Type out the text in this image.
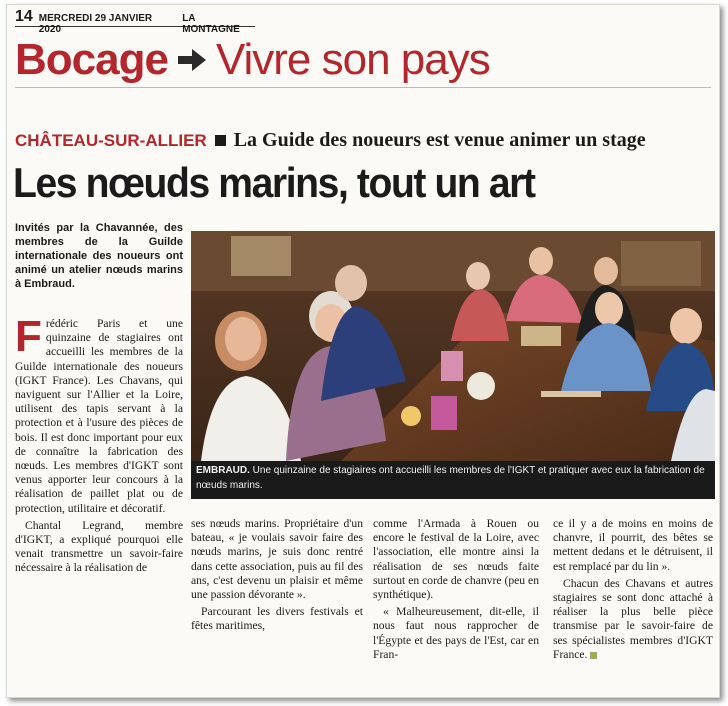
14 MERCREDI 29 JANVIER 2020
LA MONTAGNE
Bocage Vivre son pays
CHÂTEAU-SUR-ALLIER La Guide des noueurs est venue animer un stage
Les nœuds marins, tout un art
Invités par la Chavannée, des membres de la Guilde internationale des noueurs ont animé un atelier nœuds marins à Embraud.
EMBRAUD. Une quinzaine de stagiaires ont accueilli les membres de l'IGKT et pratiquer avec eux la fabrication de nœuds marins.

Frédéric Paris et une quinzaine de stagiaires ont accueilli les membres de la Guilde internationale des noueurs (IGKT France). Les Chavans, qui naviguent sur l'Allier et la Loire, utilisent des tapis servant à la protection et à l'usure des pièces de bois. Il est donc important pour eux de connaître la fabrication des nœuds. Les membres d'IGKT sont venus apporter leur concours à la réalisation de paillet plat ou de protection, utilitaire et décoratif.

Chantal Legrand, membre d'IGKT, a expliqué pourquoi elle venait transmettre un savoir-faire nécessaire à la réalisation de

ses nœuds marins. Propriétaire d'un bateau, « je voulais savoir faire des nœuds marins, je suis donc rentré dans cette association, puis au fil des ans, c'est devenu un plaisir et même une passion dévorante ».

Parcourant les divers festivals et fêtes maritimes,

comme l'Armada à Rouen ou encore le festival de la Loire, avec l'association, elle montre ainsi la réalisation de ses nœuds faite surtout en corde de chanvre (peu en synthétique).

« Malheureusement, dit-elle, il nous faut nous rapprocher de l'Égypte et des pays de l'Est, car en Fran-

ce il y a de moins en moins de chanvre, il pourrit, des bêtes se mettent dedans et le détruisent, il est remplacé par du lin ».

Chacun des Chavans et autres stagiaires se sont donc attaché à réaliser la plus belle pièce transmise par le savoir-faire de ses spécialistes membres d'IGKT France.
